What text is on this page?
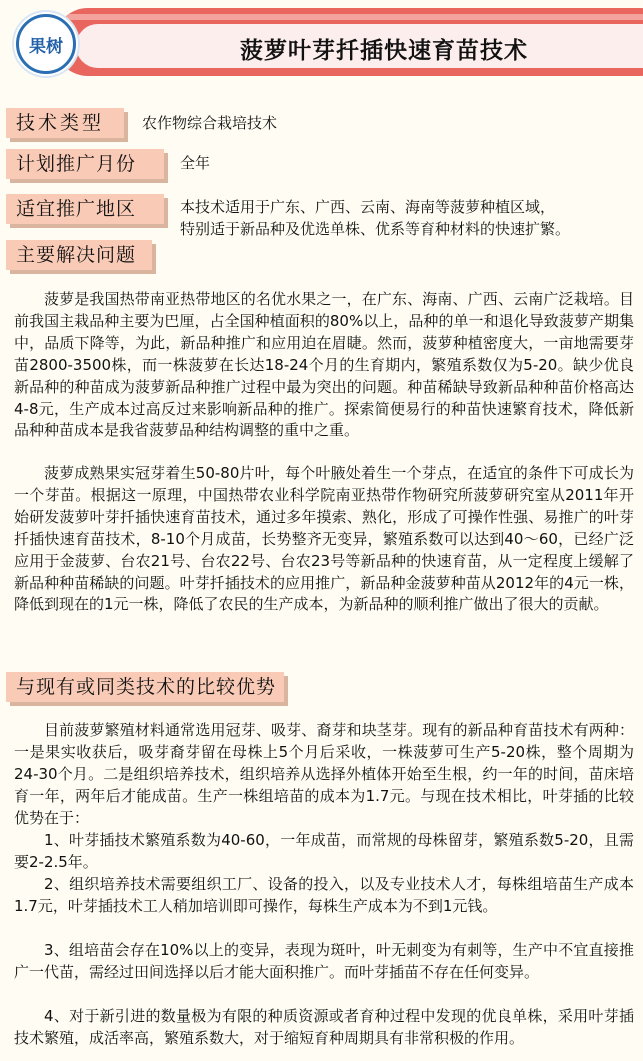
菠萝叶芽扦插快速育苗技术
果树
技术类型	农作物综合栽培技术
计划推广月份	全年
适宜推广地区	本技术适用于广东、广西、云南、海南等菠萝种植区域，
特别适于新品种及优选单株、优系等育种材料的快速扩繁。
主要解决问题

菠萝是我国热带南亚热带地区的名优水果之一，在广东、海南、广西、云南广泛栽培。目前我国主栽品种主要为巴厘，占全国种植面积的80%以上，品种的单一和退化导致菠萝产期集中，品质下降等，为此，新品种推广和应用迫在眉睫。然而，菠萝种植密度大，一亩地需要芽苗2800-3500株，而一株菠萝在长达18-24个月的生育期内，繁殖系数仅为5-20。缺少优良新品种的种苗成为菠萝新品种推广过程中最为突出的问题。种苗稀缺导致新品种种苗价格高达4-8元，生产成本过高反过来影响新品种的推广。探索简便易行的种苗快速繁育技术，降低新品种种苗成本是我省菠萝品种结构调整的重中之重。

菠萝成熟果实冠芽着生50-80片叶，每个叶腋处着生一个芽点，在适宜的条件下可成长为一个芽苗。根据这一原理，中国热带农业科学院南亚热带作物研究所菠萝研究室从2011年开始研发菠萝叶芽扦插快速育苗技术，通过多年摸索、熟化，形成了可操作性强、易推广的叶芽扦插快速育苗技术，8-10个月成苗，长势整齐无变异，繁殖系数可以达到40～60，已经广泛应用于金菠萝、台农21号、台农22号、台农23号等新品种的快速育苗，从一定程度上缓解了新品种种苗稀缺的问题。叶芽扦插技术的应用推广，新品种金菠萝种苗从2012年的4元一株，降低到现在的1元一株，降低了农民的生产成本，为新品种的顺利推广做出了很大的贡献。

与现有或同类技术的比较优势

目前菠萝繁殖材料通常选用冠芽、吸芽、裔芽和块茎芽。现有的新品种育苗技术有两种：一是果实收获后，吸芽裔芽留在母株上5个月后采收，一株菠萝可生产5-20株，整个周期为24-30个月。二是组织培养技术，组织培养从选择外植体开始至生根，约一年的时间，苗床培育一年，两年后才能成苗。生产一株组培苗的成本为1.7元。与现在技术相比，叶芽插的比较优势在于：

1、叶芽插技术繁殖系数为40-60，一年成苗，而常规的母株留芽，繁殖系数5-20，且需要2-2.5年。

2、组织培养技术需要组织工厂、设备的投入，以及专业技术人才，每株组培苗生产成本1.7元，叶芽插技术工人稍加培训即可操作，每株生产成本为不到1元钱。

3、组培苗会存在10%以上的变异，表现为斑叶，叶无刺变为有刺等，生产中不宜直接推广一代苗，需经过田间选择以后才能大面积推广。而叶芽插苗不存在任何变异。

4、对于新引进的数量极为有限的种质资源或者育种过程中发现的优良单株，采用叶芽插技术繁殖，成活率高，繁殖系数大，对于缩短育种周期具有非常积极的作用。
